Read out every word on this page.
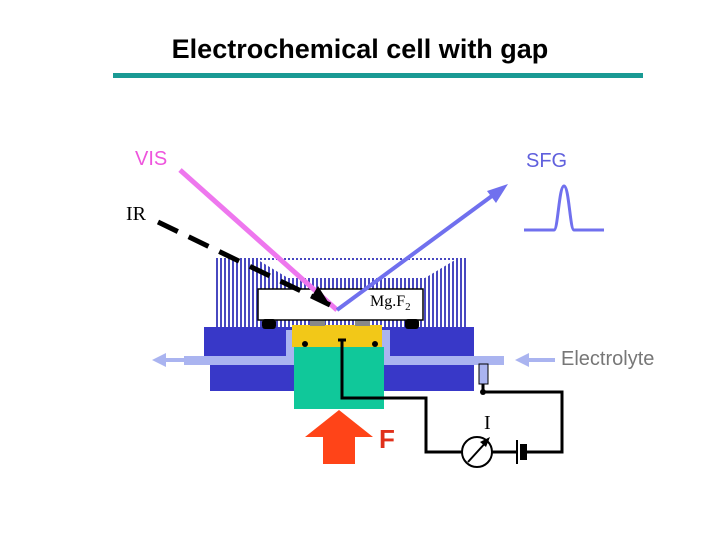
Electrochemical cell with gap
VIS	SFG
IR
$Mg.F_2$
Electrolyte
F
I
